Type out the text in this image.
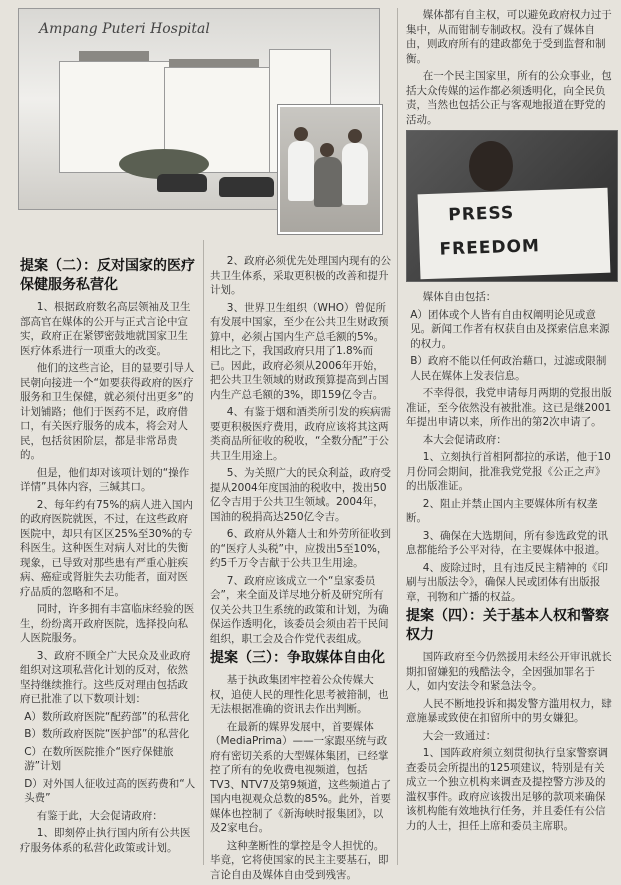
Ampang Puteri Hospital
PRESS
FREEDOM
提案（二）：反对国家的医疗保健服务私营化

1、根据政府数名高层领袖及卫生部高官在媒体的公开与正式言论中宣实，政府正在紧锣密鼓地就国家卫生医疗体系进行一项重大的改变。

他们的这些言论，目的显要引导人民朝向接进一个“如要获得政府的医疗服务和卫生保健，就必须付出更多”的计划铺路；他们于医药不足，政府借口，有关医疗服务的成本，将会对人民，包括贫困阶层，都是非常昂贵的。

但是，他们却对该项计划的“操作详情”具体内容，三缄其口。

2、每年约有75%的病人进入国内的政府医院就医，不过，在这些政府医院中，却只有区区25%至30%的专科医生。这种医生对病人对比的失衡现象，已导致对那些患有严重心脏疾病、癌症或肾脏失去功能者，面对医疗品质的忽略和不足。

同时，许多拥有丰富临床经验的医生，纷纷离开政府医院，选择投向私人医院服务。

3、政府不顾全广大民众及业政府组织对这项私营化计划的反对，依然坚持继续推行。这些反对理由包括政府已批准了以下数项计划：

A）数所政府医院“配药部”的私营化

B）数所政府医院“医护部”的私营化

C）在数所医院推介“医疗保健旅游”计划

D）对外国人征收过高的医药费和“人头费”

有鉴于此，大会促请政府：

1、即刻停止执行国内所有公共医疗服务体系的私营化政策或计划。

2、政府必须优先处理国内现有的公共卫生体系，采取更积极的改善和提升计划。

3、世界卫生组织（WHO）曾促所有发展中国家，至少在公共卫生财政预算中，必须占国内生产总毛额的5%。相比之下，我国政府只用了1.8%而已。因此，政府必须从2006年开始，把公共卫生领域的财政预算提高到占国内生产总毛额的3%，即159亿令吉。

4、有鉴于烟和酒类所引发的疾病需要更积极医疗费用，政府应该将其这两类商品所征收的税收，“全数分配”于公共卫生用途上。

5、为关照广大的民众利益，政府受提从2004年度国油的税收中，拨出50亿令吉用于公共卫生领域。2004年，国油的税捐高达250亿令吉。

6、政府从外籍人士和外劳所征收到的“医疗人头税”中，应拨出5至10%，约5千万令吉献于公共卫生用途。

7、政府应该成立一个“皇家委员会”，来全面及详尽地分析及研究所有仅关公共卫生系统的政策和计划，为确保运作透明化，该委员会须由若干民间组织，职工会及合作党代表组成。

提案（三）：争取媒体自由化

基于执政集团牢控着公众传媒大权，追使人民的理性化思考被箝制，也无法根据准确的资讯去作出判断。

在最新的媒界发展中，首要媒体（MediaPrima）——一家跟巫统与政府有密切关系的大型媒体集团，已经掌控了所有的免收费电视频道，包括TV3、NTV7及第9频道，这些频道占了国内电视观众总数的85%。此外，首要媒体也控制了《新海峡时报集团》，以及2家电台。

这种垄断性的掌控是令人担忧的。毕竟，它将使国家的民主主要基石，即言论自由及媒体自由受到残害。

媒体都有自主权，可以避免政府权力过于集中，从而钳制专制政权。没有了媒体自由，则政府所有的建政都免于受到监督和制衡。

在一个民主国家里，所有的公众事业，包括大众传媒的运作都必须透明化，向全民负责，当然也包括公正与客观地报道在野党的活动。

媒体自由包括：

A）团体或个人皆有自由权阐明论见或意见。新闻工作者有权获自由及探索信息来源的权力。

B）政府不能以任何政治藉口，过滤或限制人民在媒体上发表信息。

不幸得很，我党申请每月两期的党报出版准证，至今依然没有被批准。这已是继2001年提出申请以来，所作出的第2次申请了。

本大会促请政府：

1、立刻执行首相阿都拉的承诺，他于10月份同会期间，批准我党党报《公正之声》的出版准证。

2、阻止并禁止国内主要媒体所有权垄断。

3、确保在大选期间，所有参选政党的讯息都能给予公平对待，在主要媒体中报道。

4、废除过时，且有违反民主精神的《印刷与出版法令》，确保人民或团体有出版报章，刊物和广播的权益。

提案（四）：关于基本人权和警察权力

国阵政府至今仍然援用未经公开审讯就长期扣留嫌犯的残酷法令，全因强加罪名于人，如内安法令和紧急法令。

人民不断地投诉和揭发警方滥用权力，肆意施暴或致使在扣留所中的男女嫌犯。

大会一致通过：

1、国阵政府须立刻贯彻执行皇家警察调查委员会所提出的125项建议，特别是有关成立一个独立机构来调查及提控警方涉及的滥权事件。政府应该拨出足够的款项来确保该机构能有效地执行任务，并且委任有公信力的人士，担任上席和委员主席职。
